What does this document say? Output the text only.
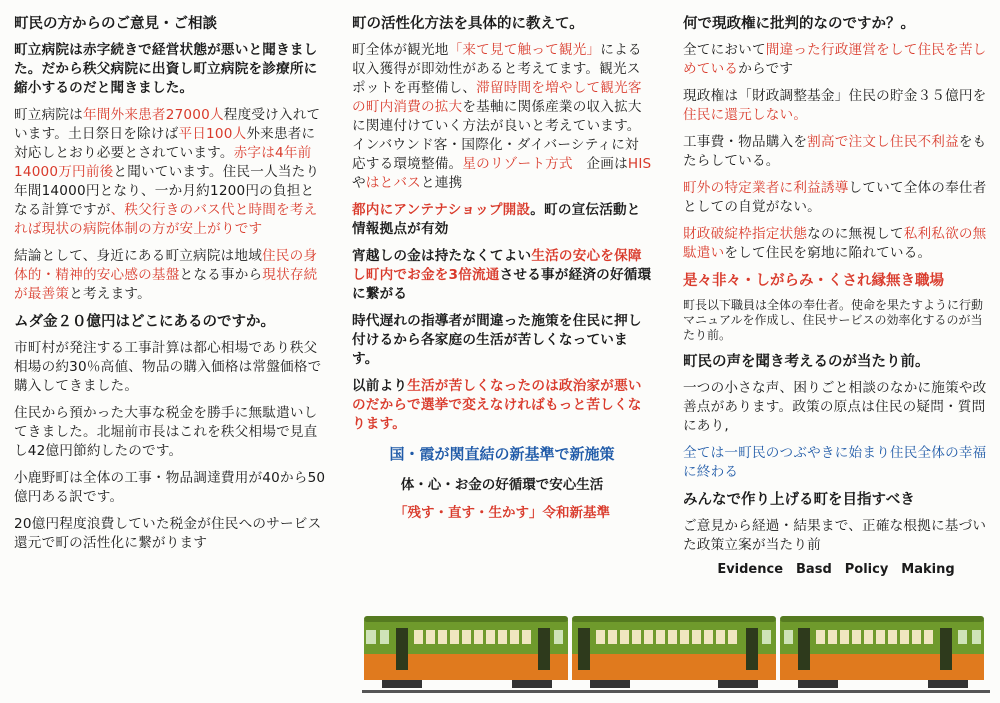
町民の方からのご意見・ご相談
町立病院は赤字続きで経営状態が悪いと聞きました。だから秩父病院に出資し町立病院を診療所に縮小するのだと聞きました。
町立病院は年間外来患者27000人程度受け入れています。土日祭日を除けば平日100人外来患者に対応しとおり必要とされています。赤字は4年前14000万円前後と聞いています。住民一人当たり年間14000円となり、一か月約1200円の負担となる計算ですが、秩父行きのバス代と時間を考えれば現状の病院体制の方が安上がりです
結論として、身近にある町立病院は地域住民の身体的・精神的安心感の基盤となる事から現状存続が最善策と考えます。
ムダ金２０億円はどこにあるのですか。
市町村が発注する工事計算は都心相場であり秩父相場の約30％高値、物品の購入価格は常盤価格で購入してきました。
住民から預かった大事な税金を勝手に無駄遣いしてきました。北堀前市長はこれを秩父相場で見直し42億円節約したのです。
小鹿野町は全体の工事・物品調達費用が40から50億円ある訳です。
20億円程度浪費していた税金が住民へのサービス還元で町の活性化に繋がります
町の活性化方法を具体的に教えて。
町全体が観光地「来て見て触って観光」による収入獲得が即効性があると考えてます。観光スポットを再整備し、滞留時間を増やして観光客の町内消費の拡大を基軸に関係産業の収入拡大に関連付けていく方法が良いと考えています。インバウンド客・国際化・ダイバーシティに対応する環境整備。星のリゾート方式　企画はHISやはとバスと連携
都内にアンテナショップ開設。町の宣伝活動と情報拠点が有効
宵越しの金は持たなくてよい生活の安心を保障し町内でお金を3倍流通させる事が経済の好循環に繋がる
時代遅れの指導者が間違った施策を住民に押し付けるから各家庭の生活が苦しくなっています。
以前より生活が苦しくなったのは政治家が悪いのだからで選挙で変えなければもっと苦しくなります。
国・霞が関直結の新基準で新施策
体・心・お金の好循環で安心生活
「残す・直す・生かす」令和新基準
何で現政権に批判的なのですか？。
全てにおいて間違った行政運営をして住民を苦しめているからです
現政権は「財政調整基金」住民の貯金３５億円を住民に還元しない。
工事費・物品購入を割高で注文し住民不利益をもたらしている。
町外の特定業者に利益誘導していて全体の奉仕者としての自覚がない。
財政破綻枠指定状態なのに無視して私利私欲の無駄遣いをして住民を窮地に陥れている。
是々非々・しがらみ・くされ縁無き職場
町長以下職員は全体の奉仕者。使命を果たすように行動マニュアルを作成し、住民サービスの効率化するのが当たり前。
町民の声を聞き考えるのが当たり前。
一つの小さな声、困りごと相談のなかに施策や改善点があります。政策の原点は住民の疑問・質問にあり,
全ては一町民のつぶやきに始まり住民全体の幸福に終わる
みんなで作り上げる町を目指すべき
ご意見から経過・結果まで、正確な根拠に基づいた政策立案が当たり前
Evidence　Basd　Policy　Making
